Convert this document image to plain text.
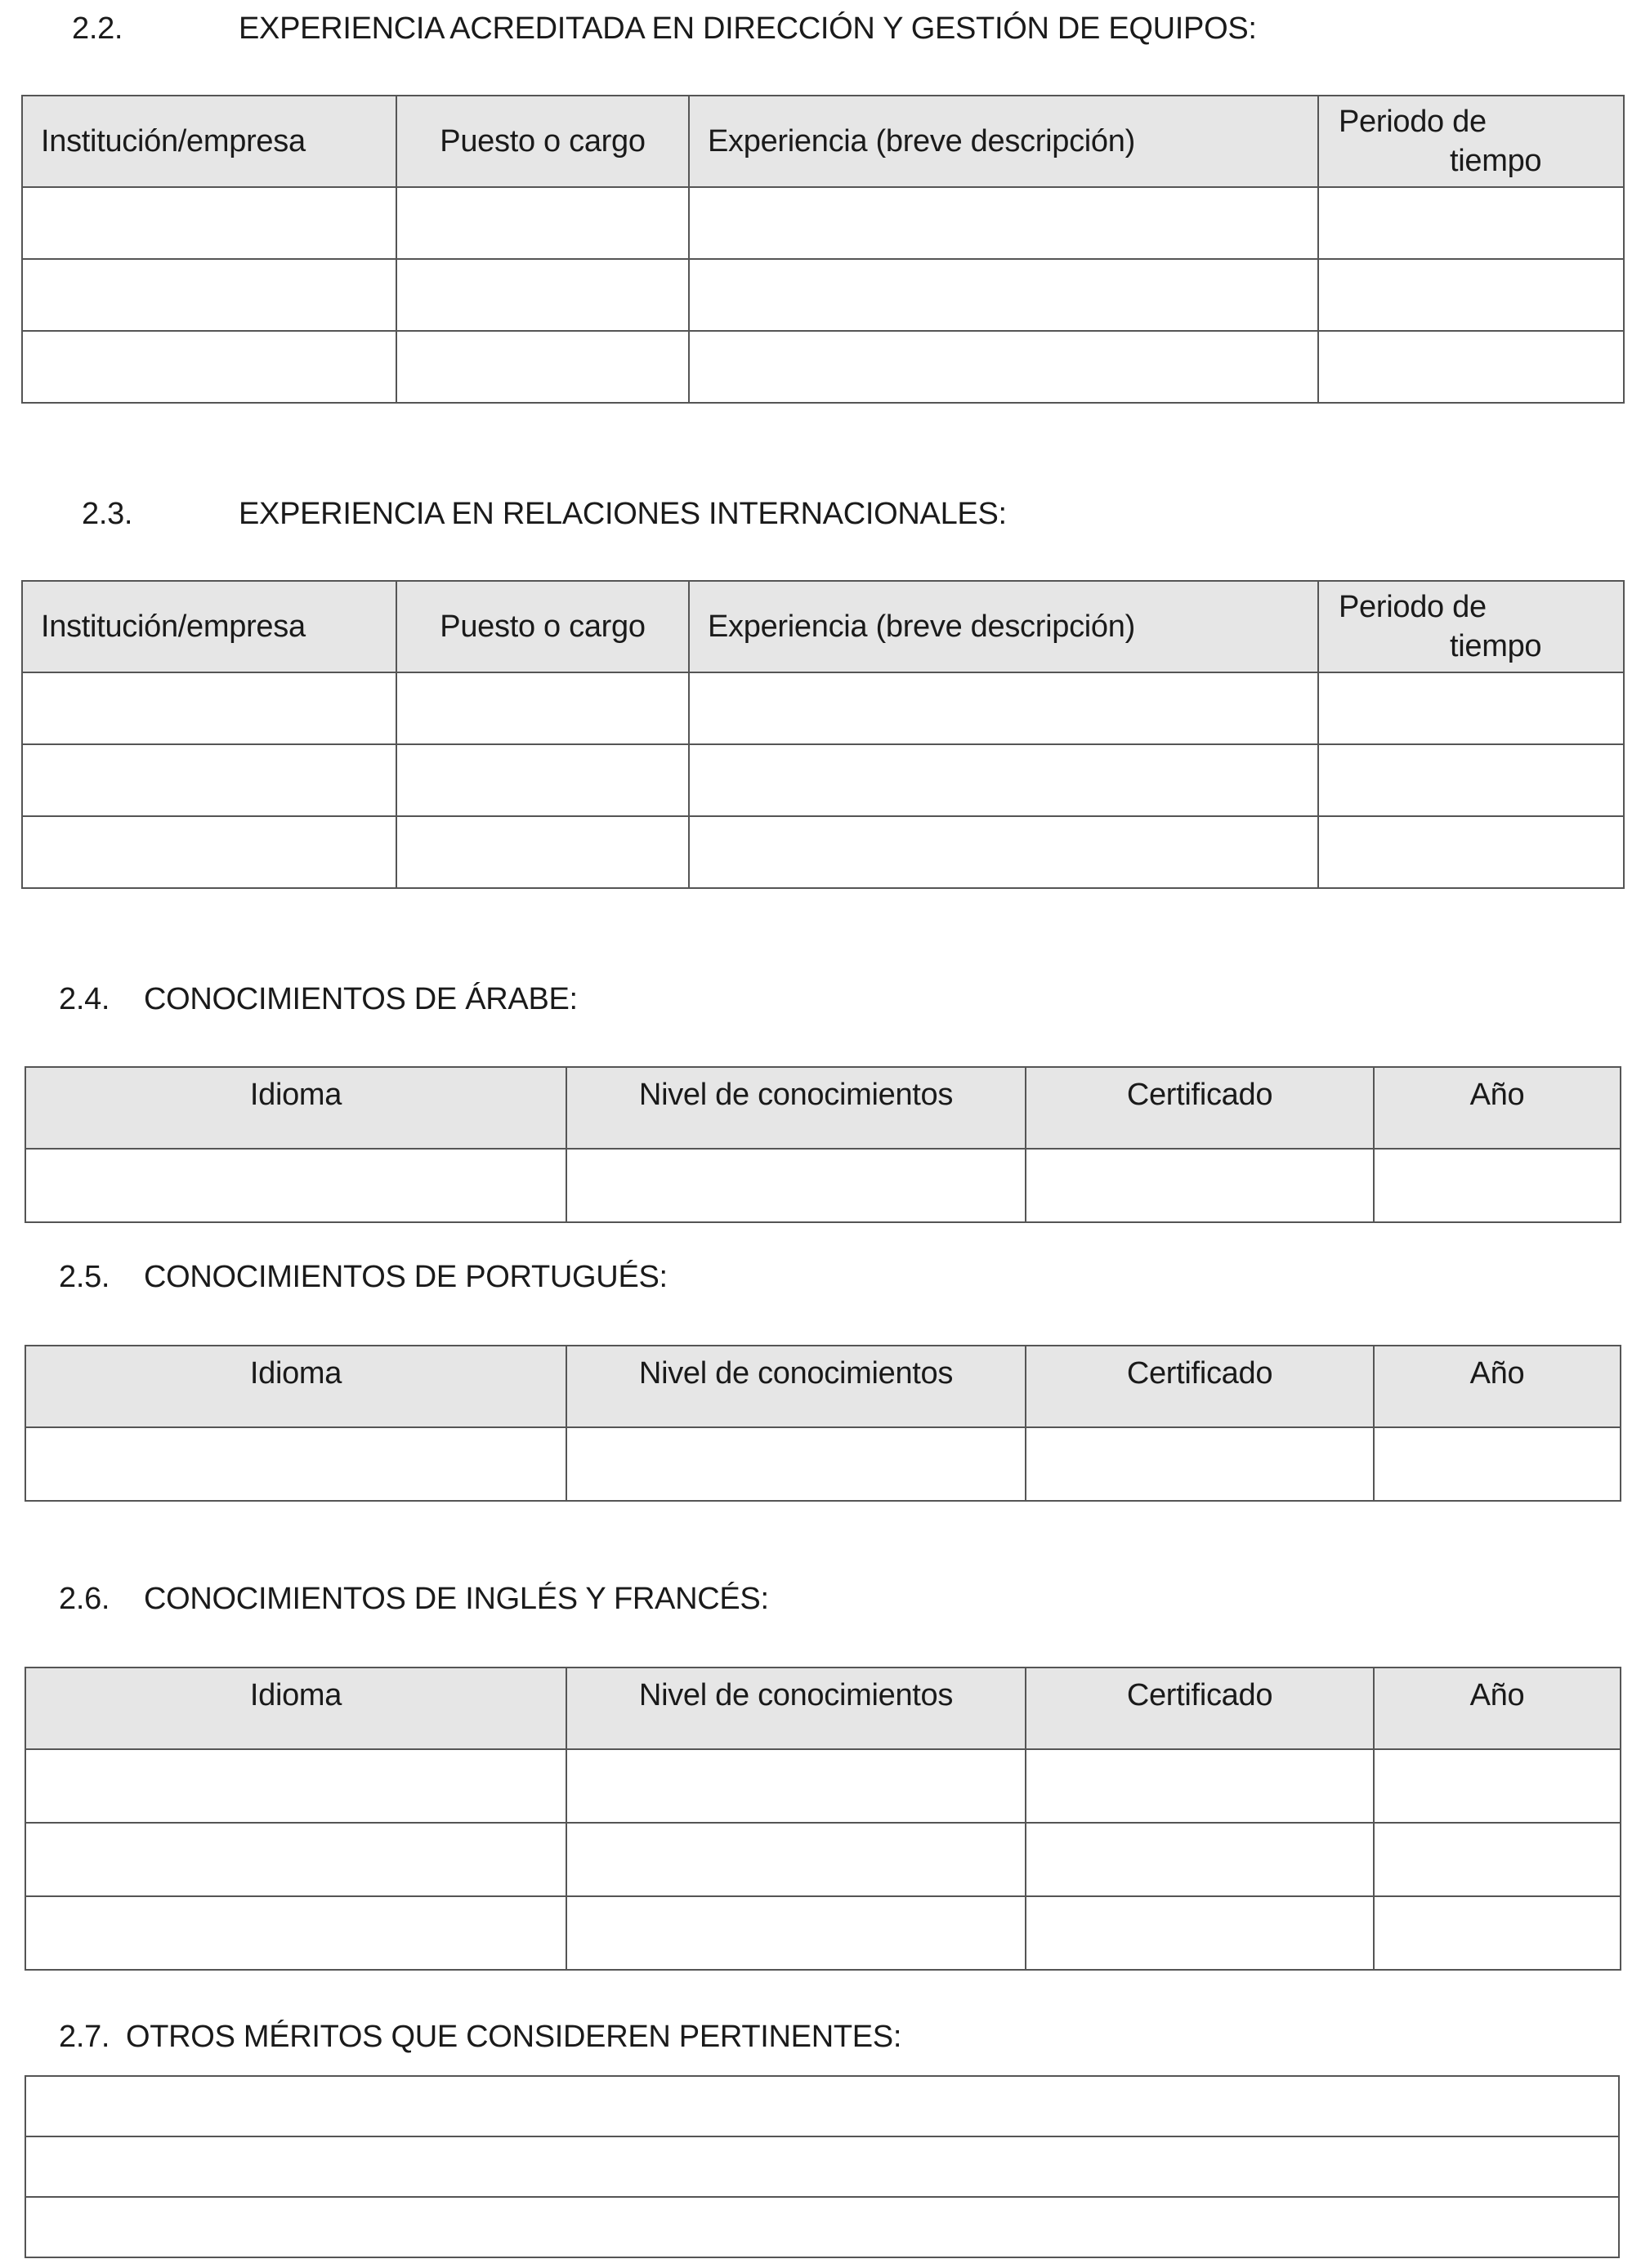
2.2.	EXPERIENCIA ACREDITADA EN DIRECCIÓN Y GESTIÓN DE EQUIPOS:
Institución/empresa	Puesto o cargo	Experiencia (breve descripción)	Periodo de
tiempo

2.3.	EXPERIENCIA EN RELACIONES INTERNACIONALES:
Institución/empresa	Puesto o cargo	Experiencia (breve descripción)	Periodo de
tiempo

2.4. CONOCIMIENTOS DE ÁRABE:
Idioma	Nivel de conocimientos	Certificado	Año

2.5. CONOCIMIENTOS DE PORTUGUÉS:
Idioma	Nivel de conocimientos	Certificado	Año

2.6. CONOCIMIENTOS DE INGLÉS Y FRANCÉS:
Idioma	Nivel de conocimientos	Certificado	Año

2.7. OTROS MÉRITOS QUE CONSIDEREN PERTINENTES:
